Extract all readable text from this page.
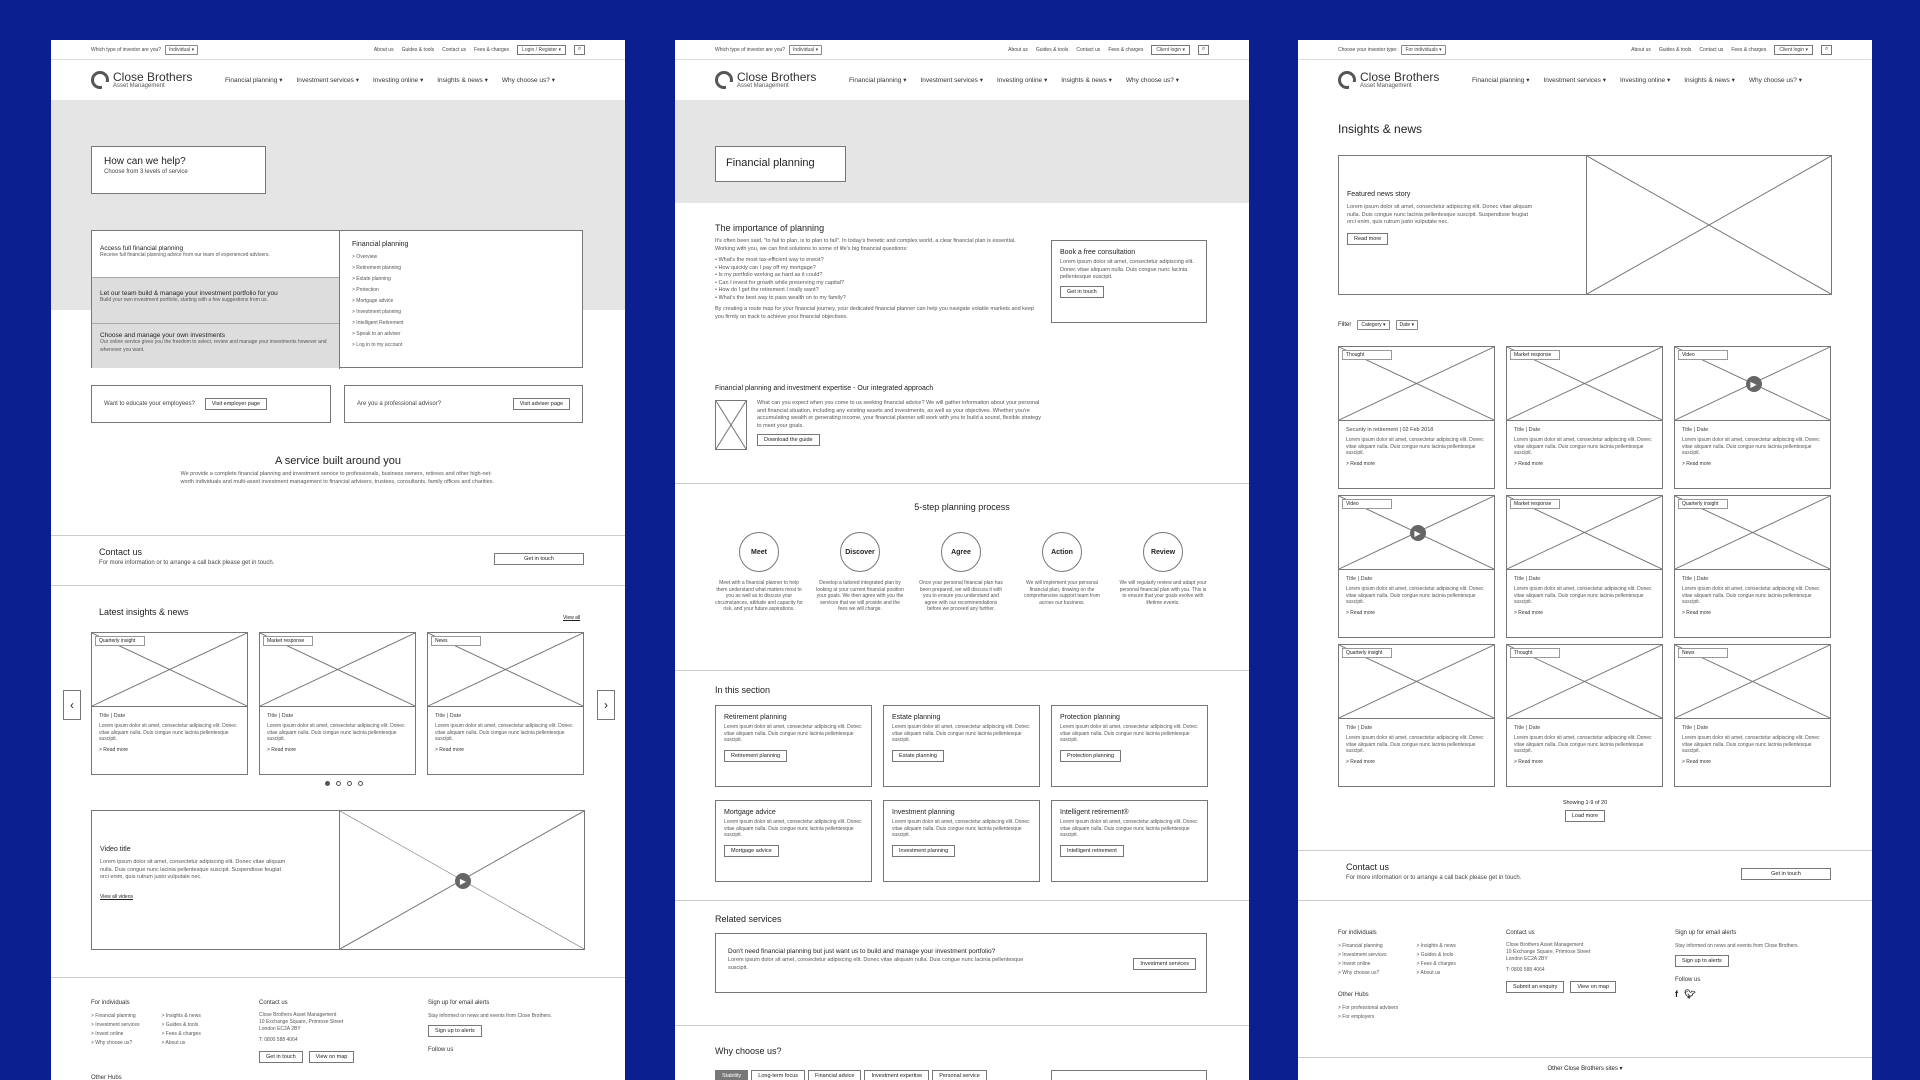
Which type of investor are you?	Individual ▾	About us Guides & tools Contact us Fees & charges	Login / Register ▾	⌕
Close Brothers
Asset Management
Financial planning ▾ Investment services ▾ Investing online ▾ Insights & news ▾ Why choose us? ▾
How can we help?
Choose from 3 levels of service
Access full financial planning
Receive full financial planning advice from our team of experienced advisers.
Let our team build & manage your investment portfolio for you
Build your own investment portfolio, starting with a few suggestions from us.
Choose and manage your own investments
Our online service gives you the freedom to select, review and manage your investments however and whenever you want.
Financial planning
> Overview
> Retirement planning
> Estate planning
> Protection
> Mortgage advice
> Investment planning
> Intelligent Retirement
> Speak to an adviser
> Log in to my account
Want to educate your employees?	Visit employer page	Are you a professional advisor?	Visit adviser page
A service built around you
We provide a complete financial planning and investment service to professionals, business owners, retirees and other high-net-worth individuals and multi-asset investment management to financial advisers, trustees, consultants, family offices and charities.
Contact us
For more information or to arrange a call back please get in touch.
Get in touch
Latest insights & news
View all
‹	›
Quarterly insight
Title | Date
Lorem ipsum dolor sit amet, consectetur adipiscing elit. Donec vitae aliquam nulla. Duis congue nunc lacinia pellentesque suscipit.
> Read more
Market response
Title | Date
Lorem ipsum dolor sit amet, consectetur adipiscing elit. Donec vitae aliquam nulla. Duis congue nunc lacinia pellentesque suscipit.
> Read more
News
Title | Date
Lorem ipsum dolor sit amet, consectetur adipiscing elit. Donec vitae aliquam nulla. Duis congue nunc lacinia pellentesque suscipit.
> Read more
Video title
Lorem ipsum dolor sit amet, consectetur adipiscing elit. Donec vitae aliquam nulla. Duis congue nunc lacinia pellentesque suscipit. Suspendisse feugiat orci enim, quis rutrum justo vulputate nec.
View all videos
▶
For individuals
> Financial planning
> Investment services
> Invest online
> Why choose us?
> Insights & news
> Guides & tools
> Fees & charges
> About us
Contact us
Close Brothers Asset Management
10 Exchange Square, Primrose Street
London EC2A 2BY
T: 0800 588 4064
Get in touch	View on map
Sign up for email alerts
Stay informed on news and events from Close Brothers.
Sign up to alerts
Follow us
Other Hubs
Which type of investor are you?	Individual ▾	About us Guides & tools Contact us Fees & charges	Client login ▾	⌕
Close Brothers
Asset Management
Financial planning ▾ Investment services ▾ Investing online ▾ Insights & news ▾ Why choose us? ▾
Financial planning
The importance of planning
It's often been said, "to fail to plan, is to plan to fail". In today's frenetic and complex world, a clear financial plan is essential. Working with you, we can find solutions to some of life's big financial questions:
• What's the most tax-efficient way to invest?
• How quickly can I pay off my mortgage?
• Is my portfolio working as hard as it could?
• Can I invest for growth while preserving my capital?
• How do I get the retirement I really want?
• What's the best way to pass wealth on to my family?
By creating a route map for your financial journey, your dedicated financial planner can help you navigate volatile markets and keep you firmly on track to achieve your financial objectives.
Book a free consultation
Lorem ipsum dolor sit amet, consectetur adipiscing elit. Donec vitae aliquam nulla. Duis congue nunc lacinia pellentesque suscipit.
Get in touch
Financial planning and investment expertise - Our integrated approach
What can you expect when you come to us seeking financial advice? We will gather information about your personal and financial situation, including any existing assets and investments, as well as your objectives. Whether you're accumulating wealth or generating income, your financial planner will work with you to build a sound, flexible strategy to meet your goals.
Download the guide
5-step planning process
Meet
Meet with a financial planner to help them understand what matters most to you as well as to discuss your circumstances, attitude and capacity for risk, and your future aspirations.
Discover
Develop a tailored integrated plan by looking at your current financial position your goals. We then agree with you the services that we will provide and the fees we will charge.
Agree
Once your personal financial plan has been prepared, we will discuss it with you to ensure you understand and agree with our recommendations before we proceed any further.
Action
We will implement your personal financial plan, drawing on the comprehensive support team from across our business.
Review
We will regularly review and adapt your personal financial plan with you. This is to ensure that your goals evolve with lifetime events.
In this section
Retirement planning
Lorem ipsum dolor sit amet, consectetur adipiscing elit. Donec vitae aliquam nulla. Duis congue nunc lacinia pellentesque suscipit.
Retirement planning
Estate planning
Lorem ipsum dolor sit amet, consectetur adipiscing elit. Donec vitae aliquam nulla. Duis congue nunc lacinia pellentesque suscipit.
Estate planning
Protection planning
Lorem ipsum dolor sit amet, consectetur adipiscing elit. Donec vitae aliquam nulla. Duis congue nunc lacinia pellentesque suscipit.
Protection planning
Mortgage advice
Lorem ipsum dolor sit amet, consectetur adipiscing elit. Donec vitae aliquam nulla. Duis congue nunc lacinia pellentesque suscipit.
Mortgage advice
Investment planning
Lorem ipsum dolor sit amet, consectetur adipiscing elit. Donec vitae aliquam nulla. Duis congue nunc lacinia pellentesque suscipit.
Investment planning
Intelligent retirement®
Lorem ipsum dolor sit amet, consectetur adipiscing elit. Donec vitae aliquam nulla. Duis congue nunc lacinia pellentesque suscipit.
Intelligent retirement
Related services
Don't need financial planning but just want us to build and manage your investment portfolio?
Lorem ipsum dolor sit amet, consectetur adipiscing elit. Donec vitae aliquam nulla. Duis congue nunc lacinia pellentesque suscipit.
Investment services
Why choose us?
Stability	Long-term focus	Financial advice	Investment expertise	Personal service
Choose your investor type:	For individuals ▾	About us Guides & tools Contact us Fees & charges	Client login ▾	⌕
Close Brothers
Asset Management
Financial planning ▾ Investment services ▾ Investing online ▾ Insights & news ▾ Why choose us? ▾
Insights & news
Featured news story
Lorem ipsum dolor sit amet, consectetur adipiscing elit. Donec vitae aliquam nulla. Duis congue nunc lacinia pellentesque suscipit. Suspendisse feugiat orci enim, quis rutrum justo vulputate nec.
Read more
Filter	Category ▾	Date ▾
Thought
Security in retirement | 02 Feb 2018
Lorem ipsum dolor sit amet, consectetur adipiscing elit. Donec vitae aliquam nulla. Duis congue nunc lacinia pellentesque suscipit.
> Read more
Market response
Title | Date
Lorem ipsum dolor sit amet, consectetur adipiscing elit. Donec vitae aliquam nulla. Duis congue nunc lacinia pellentesque suscipit.
> Read more
Video
▶
Title | Date
Lorem ipsum dolor sit amet, consectetur adipiscing elit. Donec vitae aliquam nulla. Duis congue nunc lacinia pellentesque suscipit.
> Read more
Video
▶
Title | Date
Lorem ipsum dolor sit amet, consectetur adipiscing elit. Donec vitae aliquam nulla. Duis congue nunc lacinia pellentesque suscipit.
> Read more
Market response
Title | Date
Lorem ipsum dolor sit amet, consectetur adipiscing elit. Donec vitae aliquam nulla. Duis congue nunc lacinia pellentesque suscipit.
> Read more
Quarterly insight
Title | Date
Lorem ipsum dolor sit amet, consectetur adipiscing elit. Donec vitae aliquam nulla. Duis congue nunc lacinia pellentesque suscipit.
> Read more
Quarterly insight
Title | Date
Lorem ipsum dolor sit amet, consectetur adipiscing elit. Donec vitae aliquam nulla. Duis congue nunc lacinia pellentesque suscipit.
> Read more
Thought
Title | Date
Lorem ipsum dolor sit amet, consectetur adipiscing elit. Donec vitae aliquam nulla. Duis congue nunc lacinia pellentesque suscipit.
> Read more
News
Title | Date
Lorem ipsum dolor sit amet, consectetur adipiscing elit. Donec vitae aliquam nulla. Duis congue nunc lacinia pellentesque suscipit.
> Read more
Showing 1-9 of 20
Load more
Contact us
For more information or to arrange a call back please get in touch.
Get in touch
For individuals
> Financial planning
> Investment services
> Invest online
> Why choose us?
> Insights & news
> Guides & tools
> Fees & charges
> About us
Other Hubs
> For professional advisers
> For employers
Contact us
Close Brothers Asset Management
10 Exchange Square, Primrose Street
London EC2A 2BY
T: 0800 588 4064
Submit an enquiry	View on map
Sign up for email alerts
Stay informed on news and events from Close Brothers.
Sign up to alerts
Follow us
f 🐦︎
Other Close Brothers sites ▾
